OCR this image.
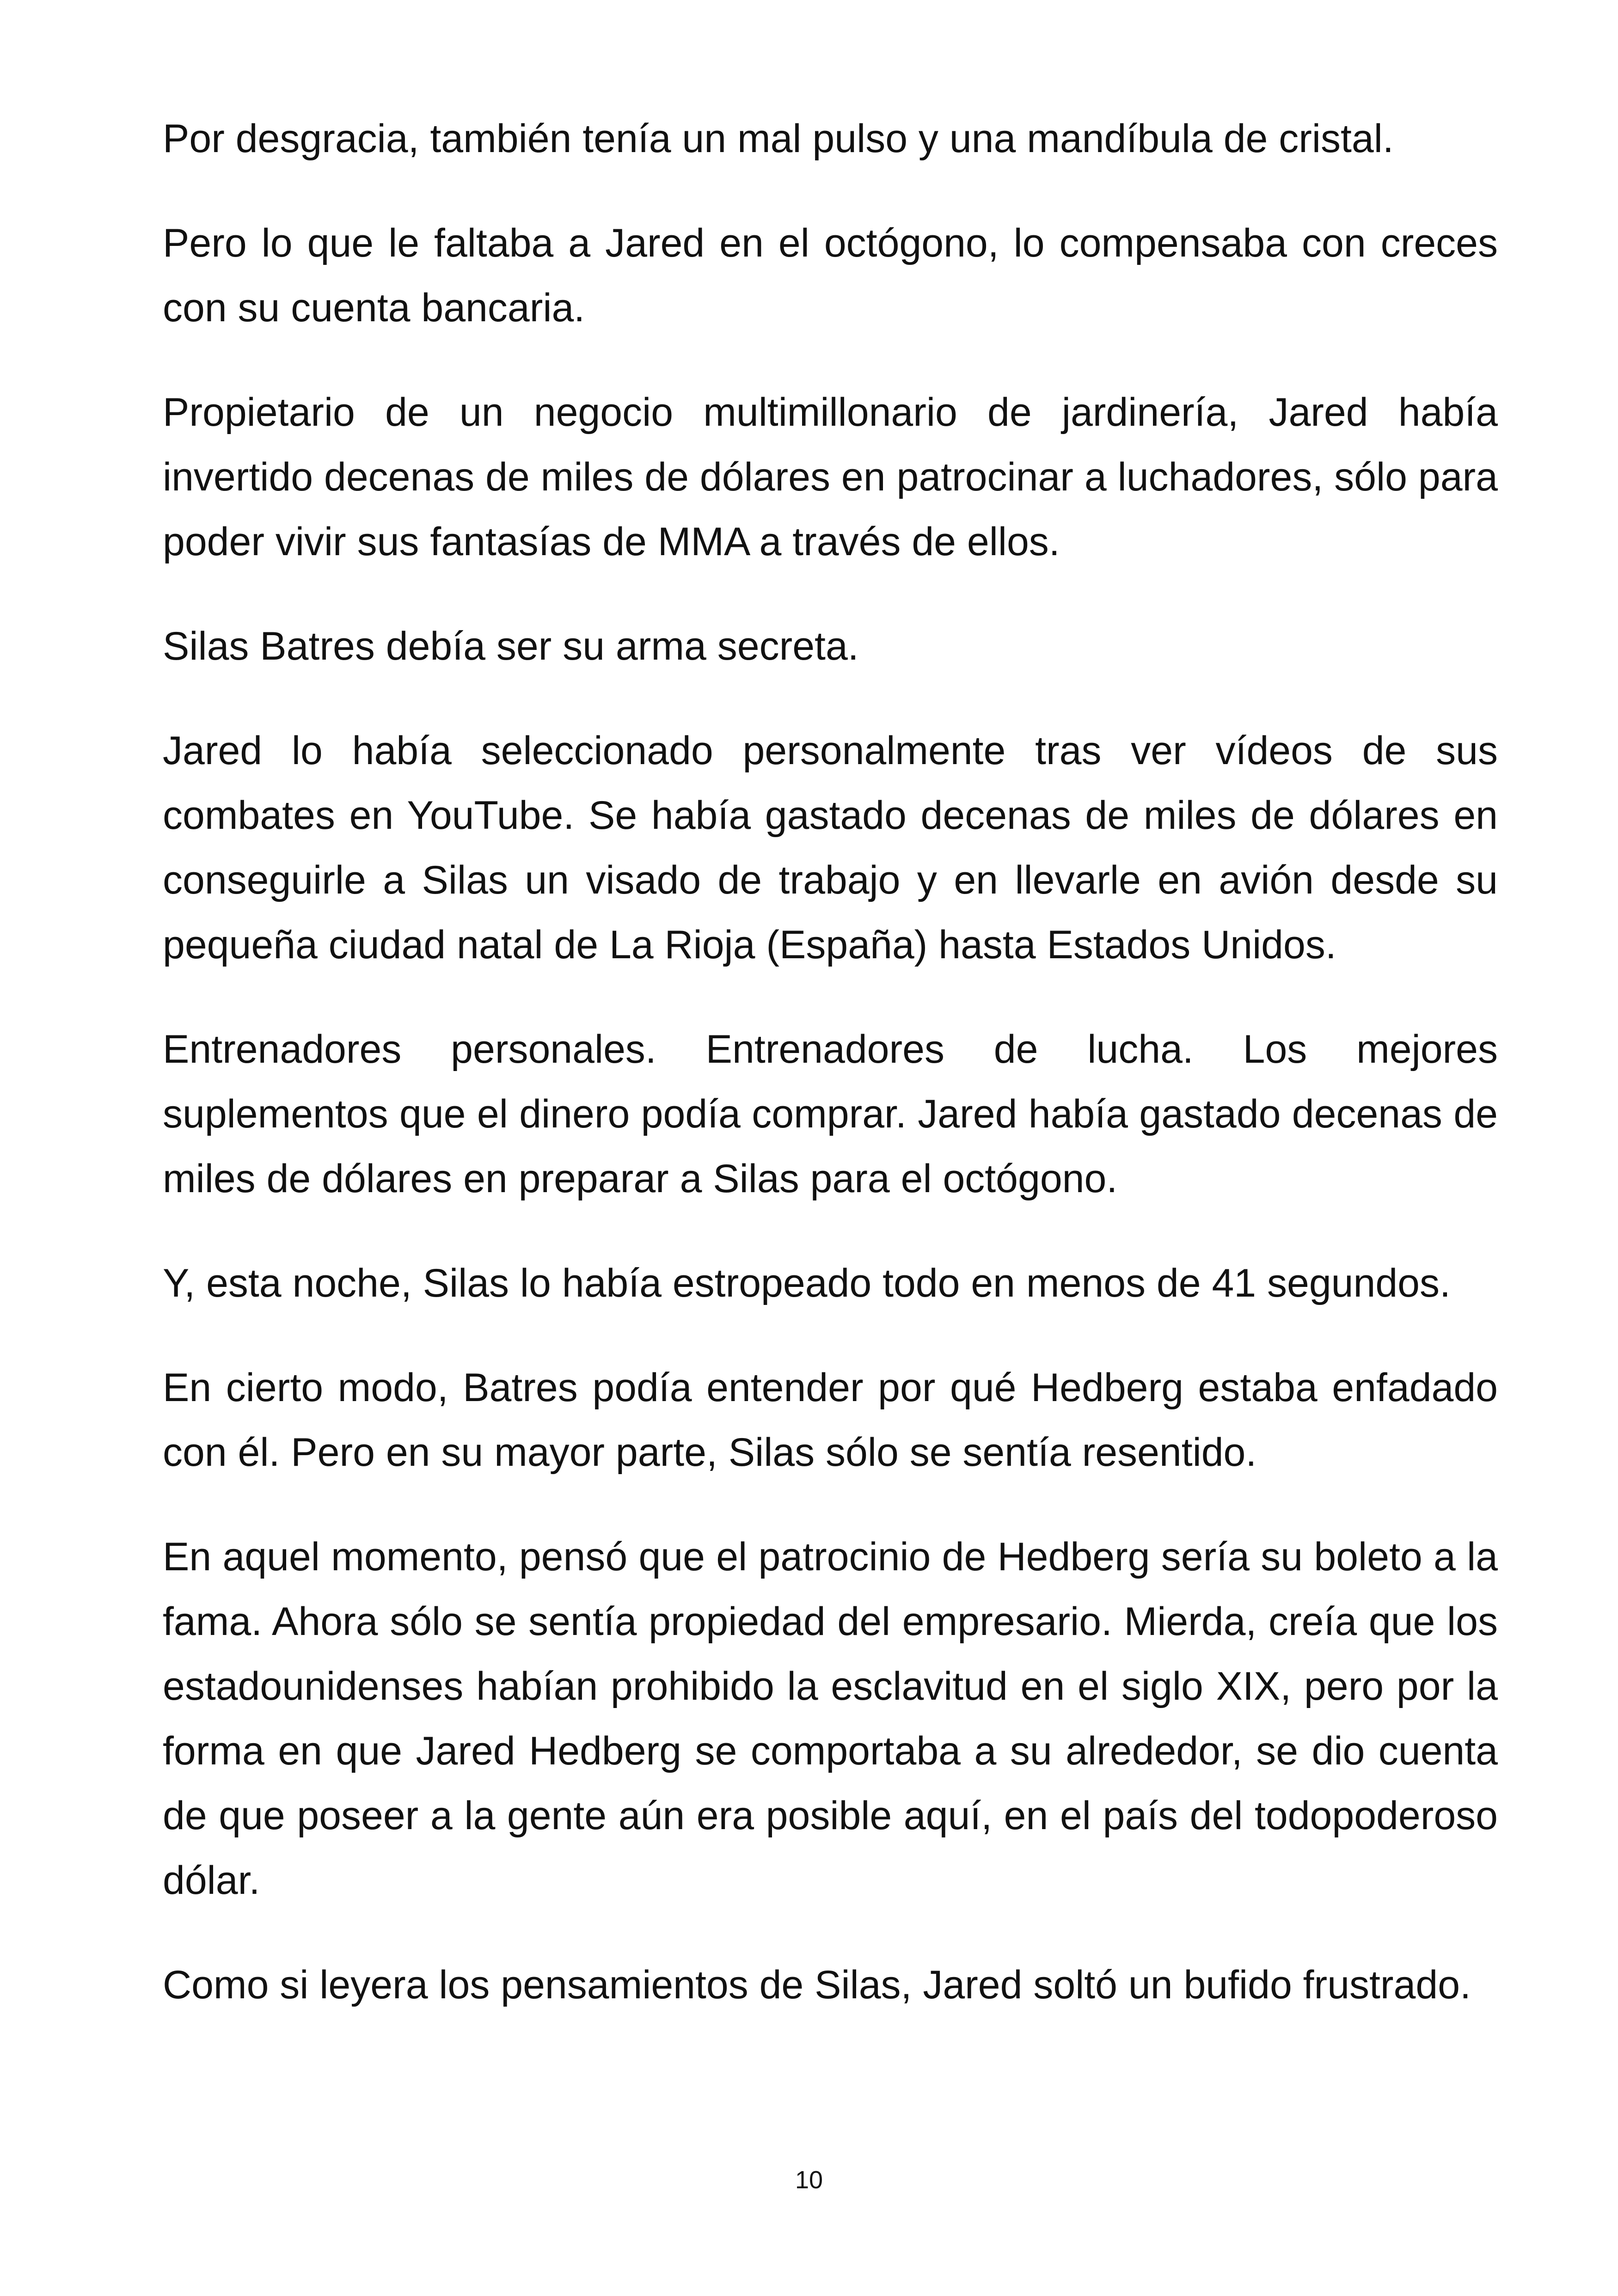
Por desgracia, también tenía un mal pulso y una mandíbula de cristal.

Pero lo que le faltaba a Jared en el octógono, lo compensaba con creces con su cuenta bancaria.

Propietario de un negocio multimillonario de jardinería, Jared había invertido decenas de miles de dólares en patrocinar a luchadores, sólo para poder vivir sus fantasías de MMA a través de ellos.

Silas Batres debía ser su arma secreta.

Jared lo había seleccionado personalmente tras ver vídeos de sus combates en YouTube. Se había gastado decenas de miles de dólares en conseguirle a Silas un visado de trabajo y en llevarle en avión desde su pequeña ciudad natal de La Rioja (España) hasta Estados Unidos.

Entrenadores personales. Entrenadores de lucha. Los mejores suplementos que el dinero podía comprar. Jared había gastado decenas de miles de dólares en preparar a Silas para el octógono.

Y, esta noche, Silas lo había estropeado todo en menos de 41 segundos.

En cierto modo, Batres podía entender por qué Hedberg estaba enfadado con él. Pero en su mayor parte, Silas sólo se sentía resentido.

En aquel momento, pensó que el patrocinio de Hedberg sería su boleto a la fama. Ahora sólo se sentía propiedad del empresario. Mierda, creía que los estadounidenses habían prohibido la esclavitud en el siglo XIX, pero por la forma en que Jared Hedberg se comportaba a su alrededor, se dio cuenta de que poseer a la gente aún era posible aquí, en el país del todopoderoso dólar.

Como si leyera los pensamientos de Silas, Jared soltó un bufido frustrado.

10
